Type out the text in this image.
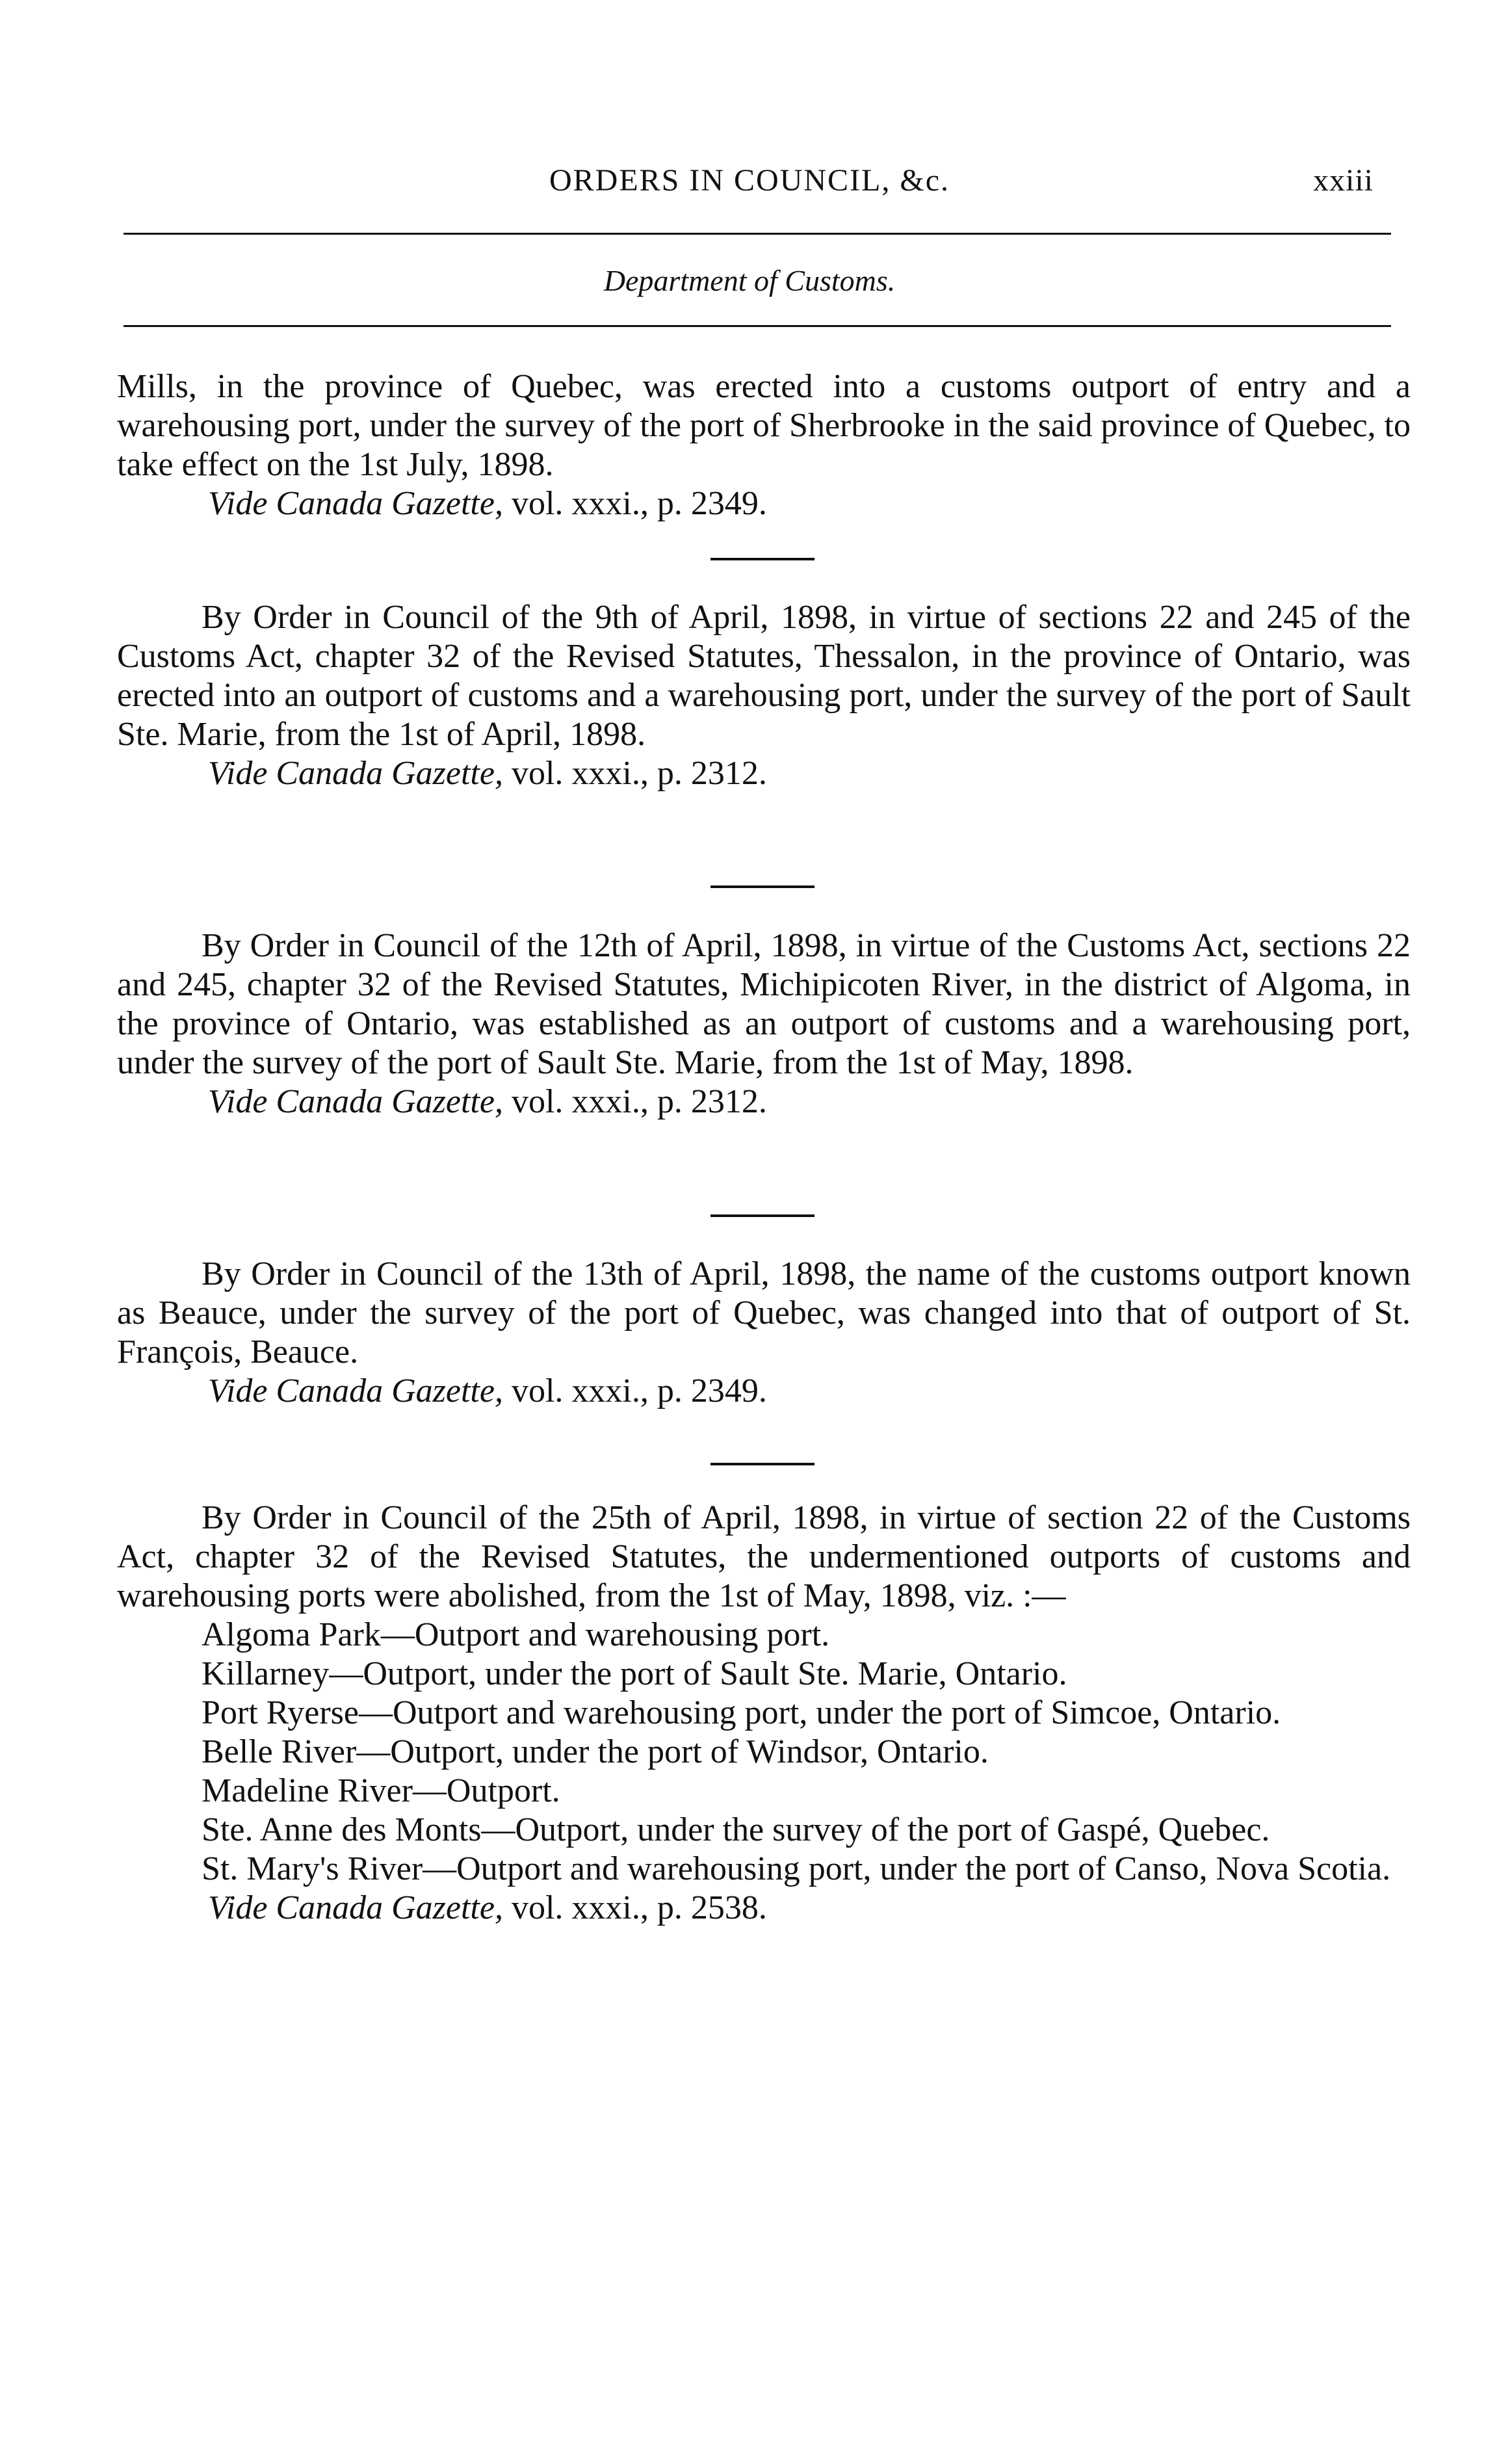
ORDERS IN COUNCIL, &c.	xxiii
Department of Customs.
Mills, in the province of Quebec, was erected into a customs outport of entry and a warehousing port, under the survey of the port of Sherbrooke in the said province of Quebec, to take effect on the 1st July, 1898.
Vide Canada Gazette, vol. xxxi., p. 2349.
By Order in Council of the 9th of April, 1898, in virtue of sections 22 and 245 of the Customs Act, chapter 32 of the Revised Statutes, Thessalon, in the province of Ontario, was erected into an outport of customs and a warehousing port, under the survey of the port of Sault Ste. Marie, from the 1st of April, 1898.
Vide Canada Gazette, vol. xxxi., p. 2312.
By Order in Council of the 12th of April, 1898, in virtue of the Customs Act, sections 22 and 245, chapter 32 of the Revised Statutes, Michipicoten River, in the district of Algoma, in the province of Ontario, was established as an outport of customs and a warehousing port, under the survey of the port of Sault Ste. Marie, from the 1st of May, 1898.
Vide Canada Gazette, vol. xxxi., p. 2312.
By Order in Council of the 13th of April, 1898, the name of the customs outport known as Beauce, under the survey of the port of Quebec, was changed into that of outport of St. François, Beauce.
Vide Canada Gazette, vol. xxxi., p. 2349.
By Order in Council of the 25th of April, 1898, in virtue of section 22 of the Customs Act, chapter 32 of the Revised Statutes, the undermentioned outports of customs and warehousing ports were abolished, from the 1st of May, 1898, viz. :—
Algoma Park—Outport and warehousing port.
Killarney—Outport, under the port of Sault Ste. Marie, Ontario.
Port Ryerse—Outport and warehousing port, under the port of Simcoe, Ontario.
Belle River—Outport, under the port of Windsor, Ontario.
Madeline River—Outport.
Ste. Anne des Monts—Outport, under the survey of the port of Gaspé, Quebec.
St. Mary's River—Outport and warehousing port, under the port of Canso, Nova Scotia.
Vide Canada Gazette, vol. xxxi., p. 2538.
